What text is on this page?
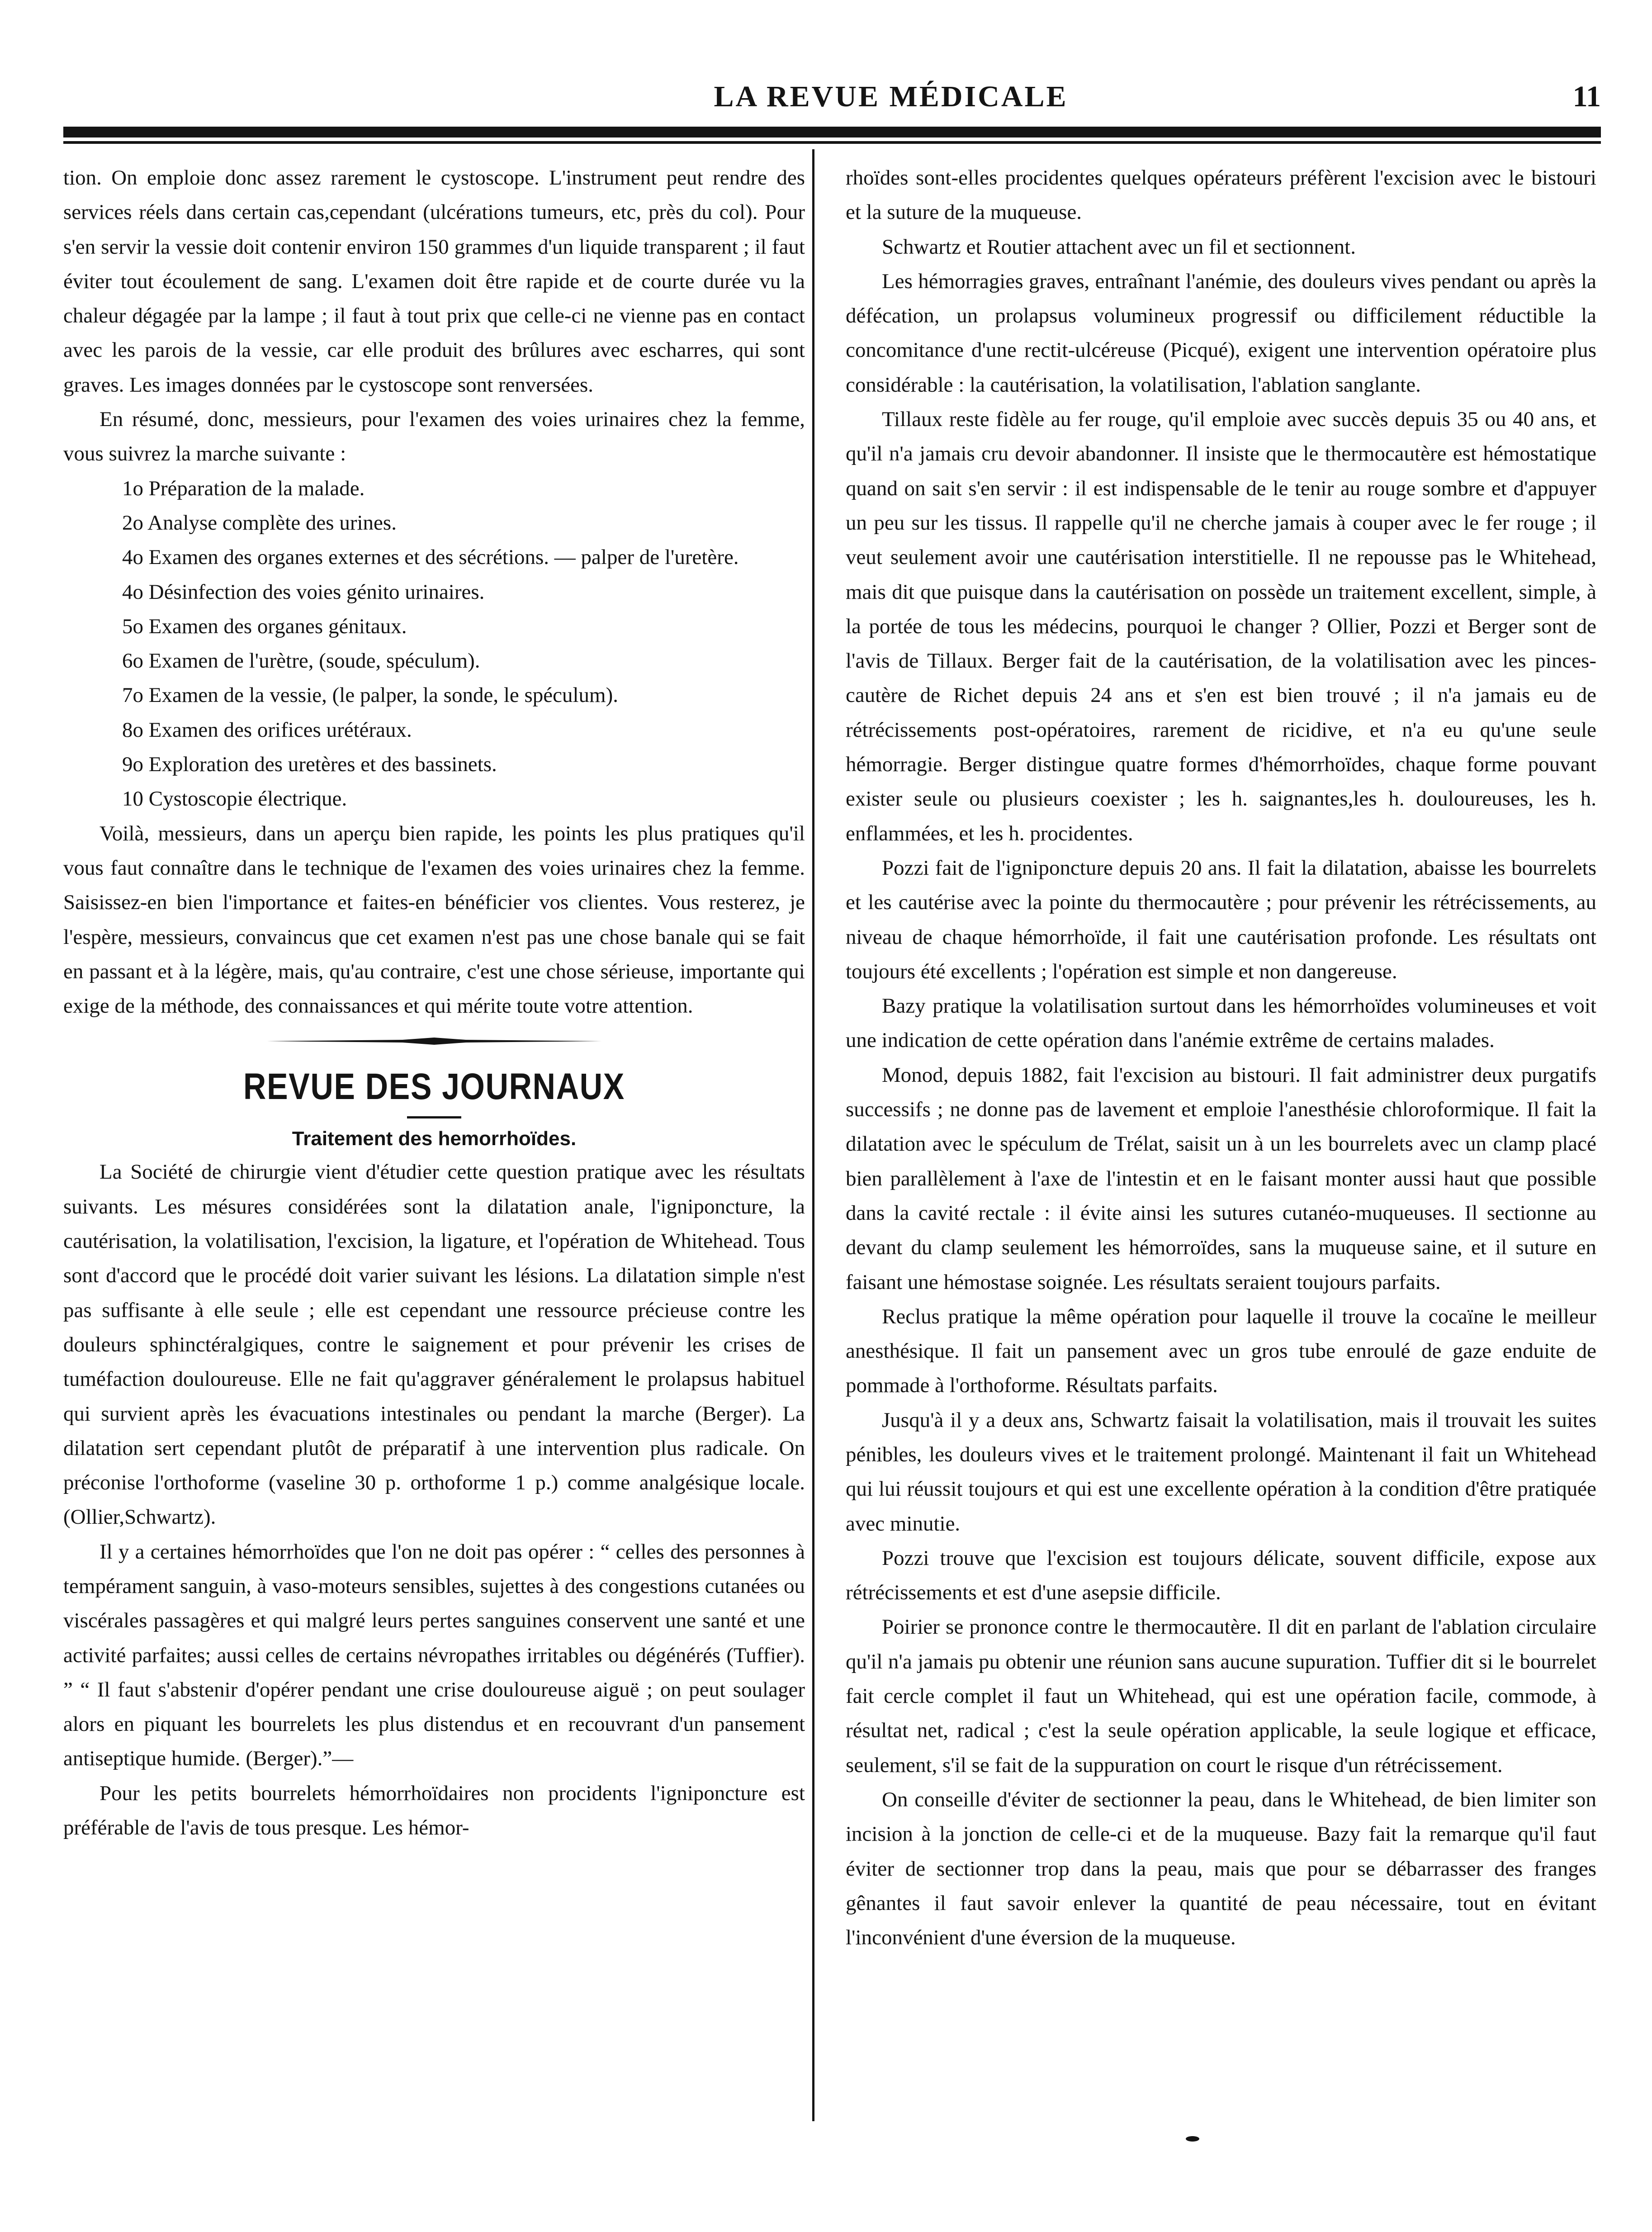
LA REVUE MÉDICALE	11

tion. On emploie donc assez rarement le cystoscope. L'instrument peut rendre des services réels dans certain cas,cependant (ulcérations tumeurs, etc, près du col). Pour s'en servir la vessie doit contenir environ 150 grammes d'un liquide transparent ; il faut éviter tout écoulement de sang. L'examen doit être rapide et de courte durée vu la chaleur dégagée par la lampe ; il faut à tout prix que celle-ci ne vienne pas en contact avec les parois de la vessie, car elle produit des brûlures avec escharres, qui sont graves. Les images données par le cystoscope sont renversées.

En résumé, donc, messieurs, pour l'examen des voies urinaires chez la femme, vous suivrez la marche suivante :

1o Préparation de la malade.
2o Analyse complète des urines.
4o Examen des organes externes et des sécrétions. — palper de l'uretère.
4o Désinfection des voies génito urinaires.
5o Examen des organes génitaux.
6o Examen de l'urètre, (soude, spéculum).
7o Examen de la vessie, (le palper, la sonde, le spéculum).
8o Examen des orifices urétéraux.
9o Exploration des uretères et des bassinets.
10 Cystoscopie électrique.

Voilà, messieurs, dans un aperçu bien rapide, les points les plus pratiques qu'il vous faut connaître dans le technique de l'examen des voies urinaires chez la femme. Saisissez-en bien l'importance et faites-en bénéficier vos clientes. Vous resterez, je l'espère, messieurs, convaincus que cet examen n'est pas une chose banale qui se fait en passant et à la légère, mais, qu'au contraire, c'est une chose sérieuse, importante qui exige de la méthode, des connaissances et qui mérite toute votre attention.

REVUE DES JOURNAUX
Traitement des hemorrhoïdes.

La Société de chirurgie vient d'étudier cette question pratique avec les résultats suivants. Les mésures considérées sont la dilatation anale, l'igniponcture, la cautérisation, la volatilisation, l'excision, la ligature, et l'opération de Whitehead. Tous sont d'accord que le procédé doit varier suivant les lésions. La dilatation simple n'est pas suffisante à elle seule ; elle est cependant une ressource précieuse contre les douleurs sphinctéralgiques, contre le saignement et pour prévenir les crises de tuméfaction douloureuse. Elle ne fait qu'aggraver généralement le prolapsus habituel qui survient après les évacuations intestinales ou pendant la marche (Berger). La dilatation sert cependant plutôt de préparatif à une intervention plus radicale. On préconise l'orthoforme (vaseline 30 p. orthoforme 1 p.) comme analgésique locale. (Ollier,Schwartz).

Il y a certaines hémorrhoïdes que l'on ne doit pas opérer : “ celles des personnes à tempérament sanguin, à vaso-moteurs sensibles, sujettes à des congestions cutanées ou viscérales passagères et qui malgré leurs pertes sanguines conservent une santé et une activité parfaites; aussi celles de certains névropathes irritables ou dégénérés (Tuffier). ” “ Il faut s'abstenir d'opérer pendant une crise douloureuse aiguë ; on peut soulager alors en piquant les bourrelets les plus distendus et en recouvrant d'un pansement antiseptique humide. (Berger).”—

Pour les petits bourrelets hémorrhoïdaires non procidents l'igniponcture est préférable de l'avis de tous presque. Les hémor-

rhoïdes sont-elles procidentes quelques opérateurs préfèrent l'excision avec le bistouri et la suture de la muqueuse.

Schwartz et Routier attachent avec un fil et sectionnent.

Les hémorragies graves, entraînant l'anémie, des douleurs vives pendant ou après la défécation, un prolapsus volumineux progressif ou difficilement réductible la concomitance d'une rectit-ulcéreuse (Picqué), exigent une intervention opératoire plus considérable : la cautérisation, la volatilisation, l'ablation sanglante.

Tillaux reste fidèle au fer rouge, qu'il emploie avec succès depuis 35 ou 40 ans, et qu'il n'a jamais cru devoir abandonner. Il insiste que le thermocautère est hémostatique quand on sait s'en servir : il est indispensable de le tenir au rouge sombre et d'appuyer un peu sur les tissus. Il rappelle qu'il ne cherche jamais à couper avec le fer rouge ; il veut seulement avoir une cautérisation interstitielle. Il ne repousse pas le Whitehead, mais dit que puisque dans la cautérisation on possède un traitement excellent, simple, à la portée de tous les médecins, pourquoi le changer ? Ollier, Pozzi et Berger sont de l'avis de Tillaux. Berger fait de la cautérisation, de la volatilisation avec les pinces-cautère de Richet depuis 24 ans et s'en est bien trouvé ; il n'a jamais eu de rétrécissements post-opératoires, rarement de ricidive, et n'a eu qu'une seule hémorragie. Berger distingue quatre formes d'hémorrhoïdes, chaque forme pouvant exister seule ou plusieurs coexister ; les h. saignantes,les h. douloureuses, les h. enflammées, et les h. procidentes.

Pozzi fait de l'igniponcture depuis 20 ans. Il fait la dilatation, abaisse les bourrelets et les cautérise avec la pointe du thermocautère ; pour prévenir les rétrécissements, au niveau de chaque hémorrhoïde, il fait une cautérisation profonde. Les résultats ont toujours été excellents ; l'opération est simple et non dangereuse.

Bazy pratique la volatilisation surtout dans les hémorrhoïdes volumineuses et voit une indication de cette opération dans l'anémie extrême de certains malades.

Monod, depuis 1882, fait l'excision au bistouri. Il fait administrer deux purgatifs successifs ; ne donne pas de lavement et emploie l'anesthésie chloroformique. Il fait la dilatation avec le spéculum de Trélat, saisit un à un les bourrelets avec un clamp placé bien parallèlement à l'axe de l'intestin et en le faisant monter aussi haut que possible dans la cavité rectale : il évite ainsi les sutures cutanéo-muqueuses. Il sectionne au devant du clamp seulement les hémorroïdes, sans la muqueuse saine, et il suture en faisant une hémostase soignée. Les résultats seraient toujours parfaits.

Reclus pratique la même opération pour laquelle il trouve la cocaïne le meilleur anesthésique. Il fait un pansement avec un gros tube enroulé de gaze enduite de pommade à l'orthoforme. Résultats parfaits.

Jusqu'à il y a deux ans, Schwartz faisait la volatilisation, mais il trouvait les suites pénibles, les douleurs vives et le traitement prolongé. Maintenant il fait un Whitehead qui lui réussit toujours et qui est une excellente opération à la condition d'être pratiquée avec minutie.

Pozzi trouve que l'excision est toujours délicate, souvent difficile, expose aux rétrécissements et est d'une asepsie difficile.

Poirier se prononce contre le thermocautère. Il dit en parlant de l'ablation circulaire qu'il n'a jamais pu obtenir une réunion sans aucune supuration. Tuffier dit si le bourrelet fait cercle complet il faut un Whitehead, qui est une opération facile, commode, à résultat net, radical ; c'est la seule opération applicable, la seule logique et efficace, seulement, s'il se fait de la suppuration on court le risque d'un rétrécissement.

On conseille d'éviter de sectionner la peau, dans le Whitehead, de bien limiter son incision à la jonction de celle-ci et de la muqueuse. Bazy fait la remarque qu'il faut éviter de sectionner trop dans la peau, mais que pour se débarrasser des franges gênantes il faut savoir enlever la quantité de peau nécessaire, tout en évitant l'inconvénient d'une éversion de la muqueuse.
